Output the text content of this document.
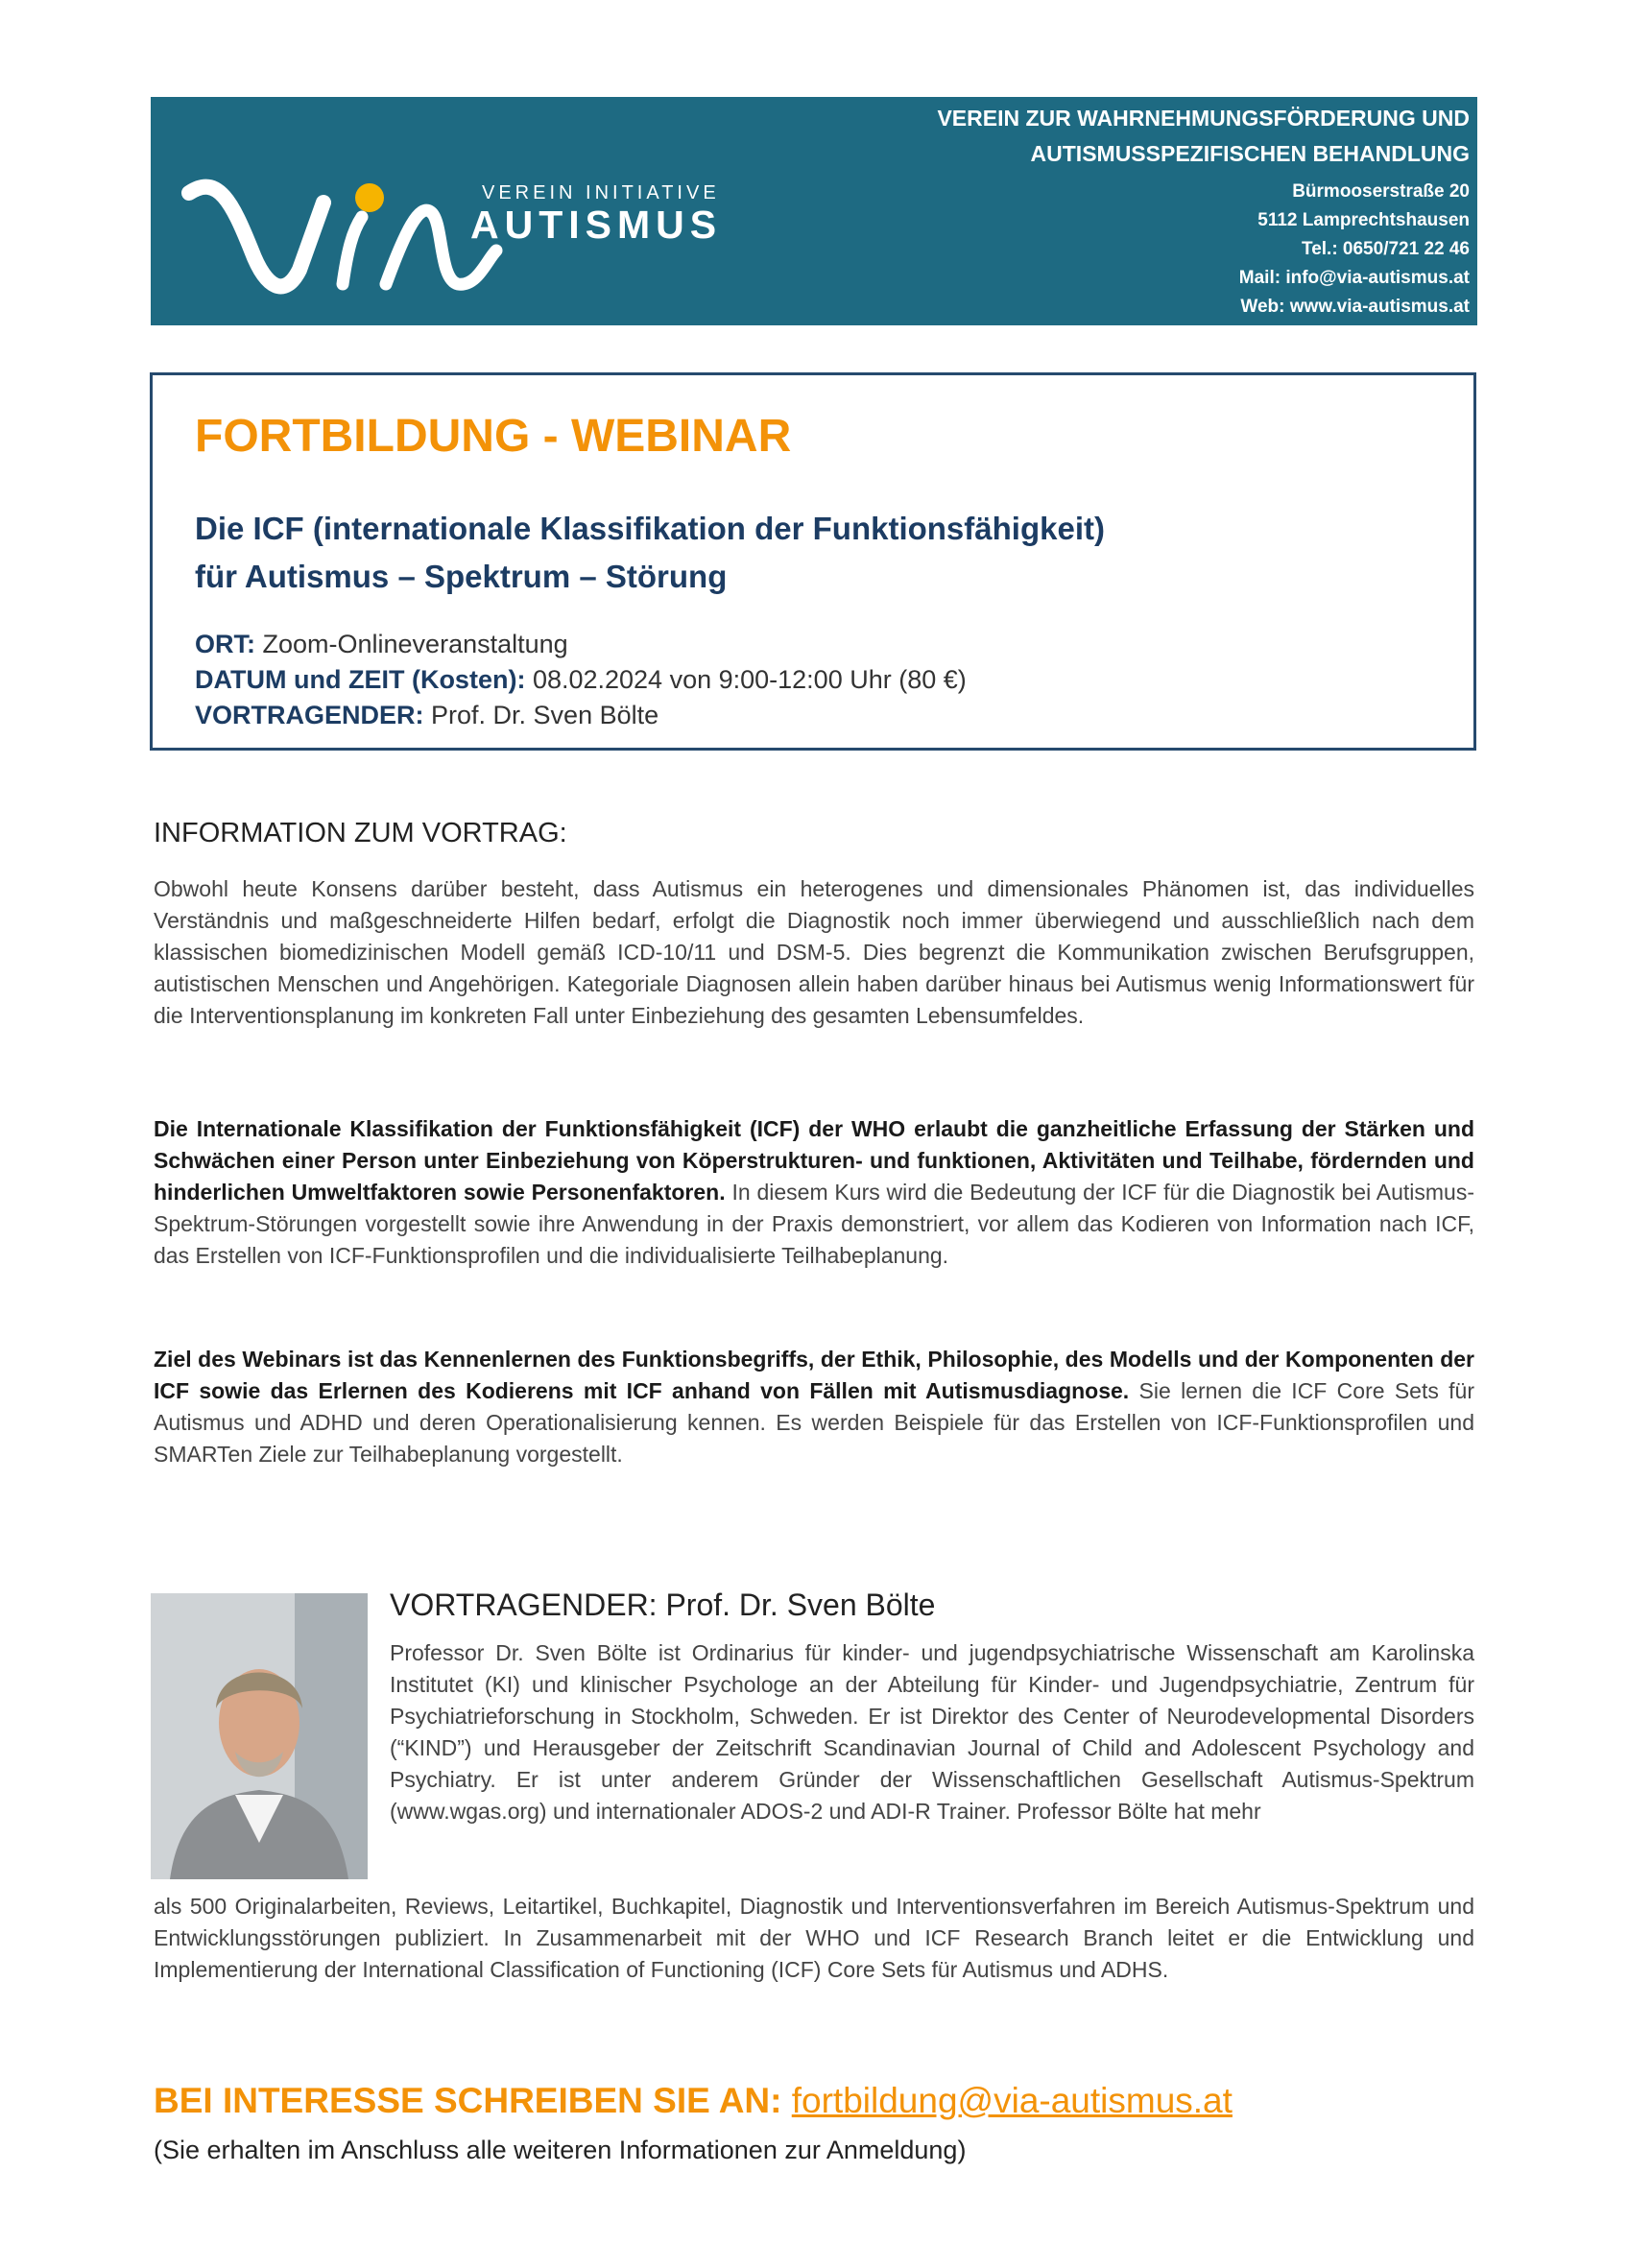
VEREIN ZUR WAHRNEHMUNGSFÖRDERUNG UND
AUTISMUSSPEZIFISCHEN BEHANDLUNG
VEREIN INITIATIVE
AUTISMUS
Bürmooserstraße 20
5112 Lamprechtshausen
Tel.: 0650/721 22 46
Mail: info@via-autismus.at
Web: www.via-autismus.at
FORTBILDUNG - WEBINAR
Die ICF (internationale Klassifikation der Funktionsfähigkeit)
für Autismus – Spektrum – Störung
ORT: Zoom-Onlineveranstaltung
DATUM und ZEIT (Kosten): 08.02.2024 von 9:00-12:00 Uhr (80 €)
VORTRAGENDER: Prof. Dr. Sven Bölte
INFORMATION ZUM VORTRAG:
Obwohl heute Konsens darüber besteht, dass Autismus ein heterogenes und dimensionales Phänomen ist, das individuelles Verständnis und maßgeschneiderte Hilfen bedarf, erfolgt die Diagnostik noch immer überwiegend und ausschließlich nach dem klassischen biomedizinischen Modell gemäß ICD-10/11 und DSM-5. Dies begrenzt die Kommunikation zwischen Berufsgruppen, autistischen Menschen und Angehörigen. Kategoriale Diagnosen allein haben darüber hinaus bei Autismus wenig Informationswert für die Interventionsplanung im konkreten Fall unter Einbeziehung des gesamten Lebensumfeldes.
Die Internationale Klassifikation der Funktionsfähigkeit (ICF) der WHO erlaubt die ganzheitliche Erfassung der Stärken und Schwächen einer Person unter Einbeziehung von Köperstrukturen- und funktionen, Aktivitäten und Teilhabe, fördernden und hinderlichen Umweltfaktoren sowie Personenfaktoren. In diesem Kurs wird die Bedeutung der ICF für die Diagnostik bei Autismus-Spektrum-Störungen vorgestellt sowie ihre Anwendung in der Praxis demonstriert, vor allem das Kodieren von Information nach ICF, das Erstellen von ICF-Funktionsprofilen und die individualisierte Teilhabeplanung.
Ziel des Webinars ist das Kennenlernen des Funktionsbegriffs, der Ethik, Philosophie, des Modells und der Komponenten der ICF sowie das Erlernen des Kodierens mit ICF anhand von Fällen mit Autismusdiagnose. Sie lernen die ICF Core Sets für Autismus und ADHD und deren Operationalisierung kennen. Es werden Beispiele für das Erstellen von ICF-Funktionsprofilen und SMARTen Ziele zur Teilhabeplanung vorgestellt.
VORTRAGENDER: Prof. Dr. Sven Bölte
Professor Dr. Sven Bölte ist Ordinarius für kinder- und jugendpsychiatrische Wissenschaft am Karolinska Institutet (KI) und klinischer Psychologe an der Abteilung für Kinder- und Jugendpsychiatrie, Zentrum für Psychiatrieforschung in Stockholm, Schweden. Er ist Direktor des Center of Neurodevelopmental Disorders (“KIND”) und Herausgeber der Zeitschrift Scandinavian Journal of Child and Adolescent Psychology and Psychiatry. Er ist unter anderem Gründer der Wissenschaftlichen Gesellschaft Autismus-Spektrum (www.wgas.org) und internationaler ADOS-2 und ADI-R Trainer. Professor Bölte hat mehr
als 500 Originalarbeiten, Reviews, Leitartikel, Buchkapitel, Diagnostik und Interventionsverfahren im Bereich Autismus-Spektrum und Entwicklungsstörungen publiziert. In Zusammenarbeit mit der WHO und ICF Research Branch leitet er die Entwicklung und Implementierung der International Classification of Functioning (ICF) Core Sets für Autismus und ADHS.
BEI INTERESSE SCHREIBEN SIE AN: fortbildung@via-autismus.at
(Sie erhalten im Anschluss alle weiteren Informationen zur Anmeldung)
